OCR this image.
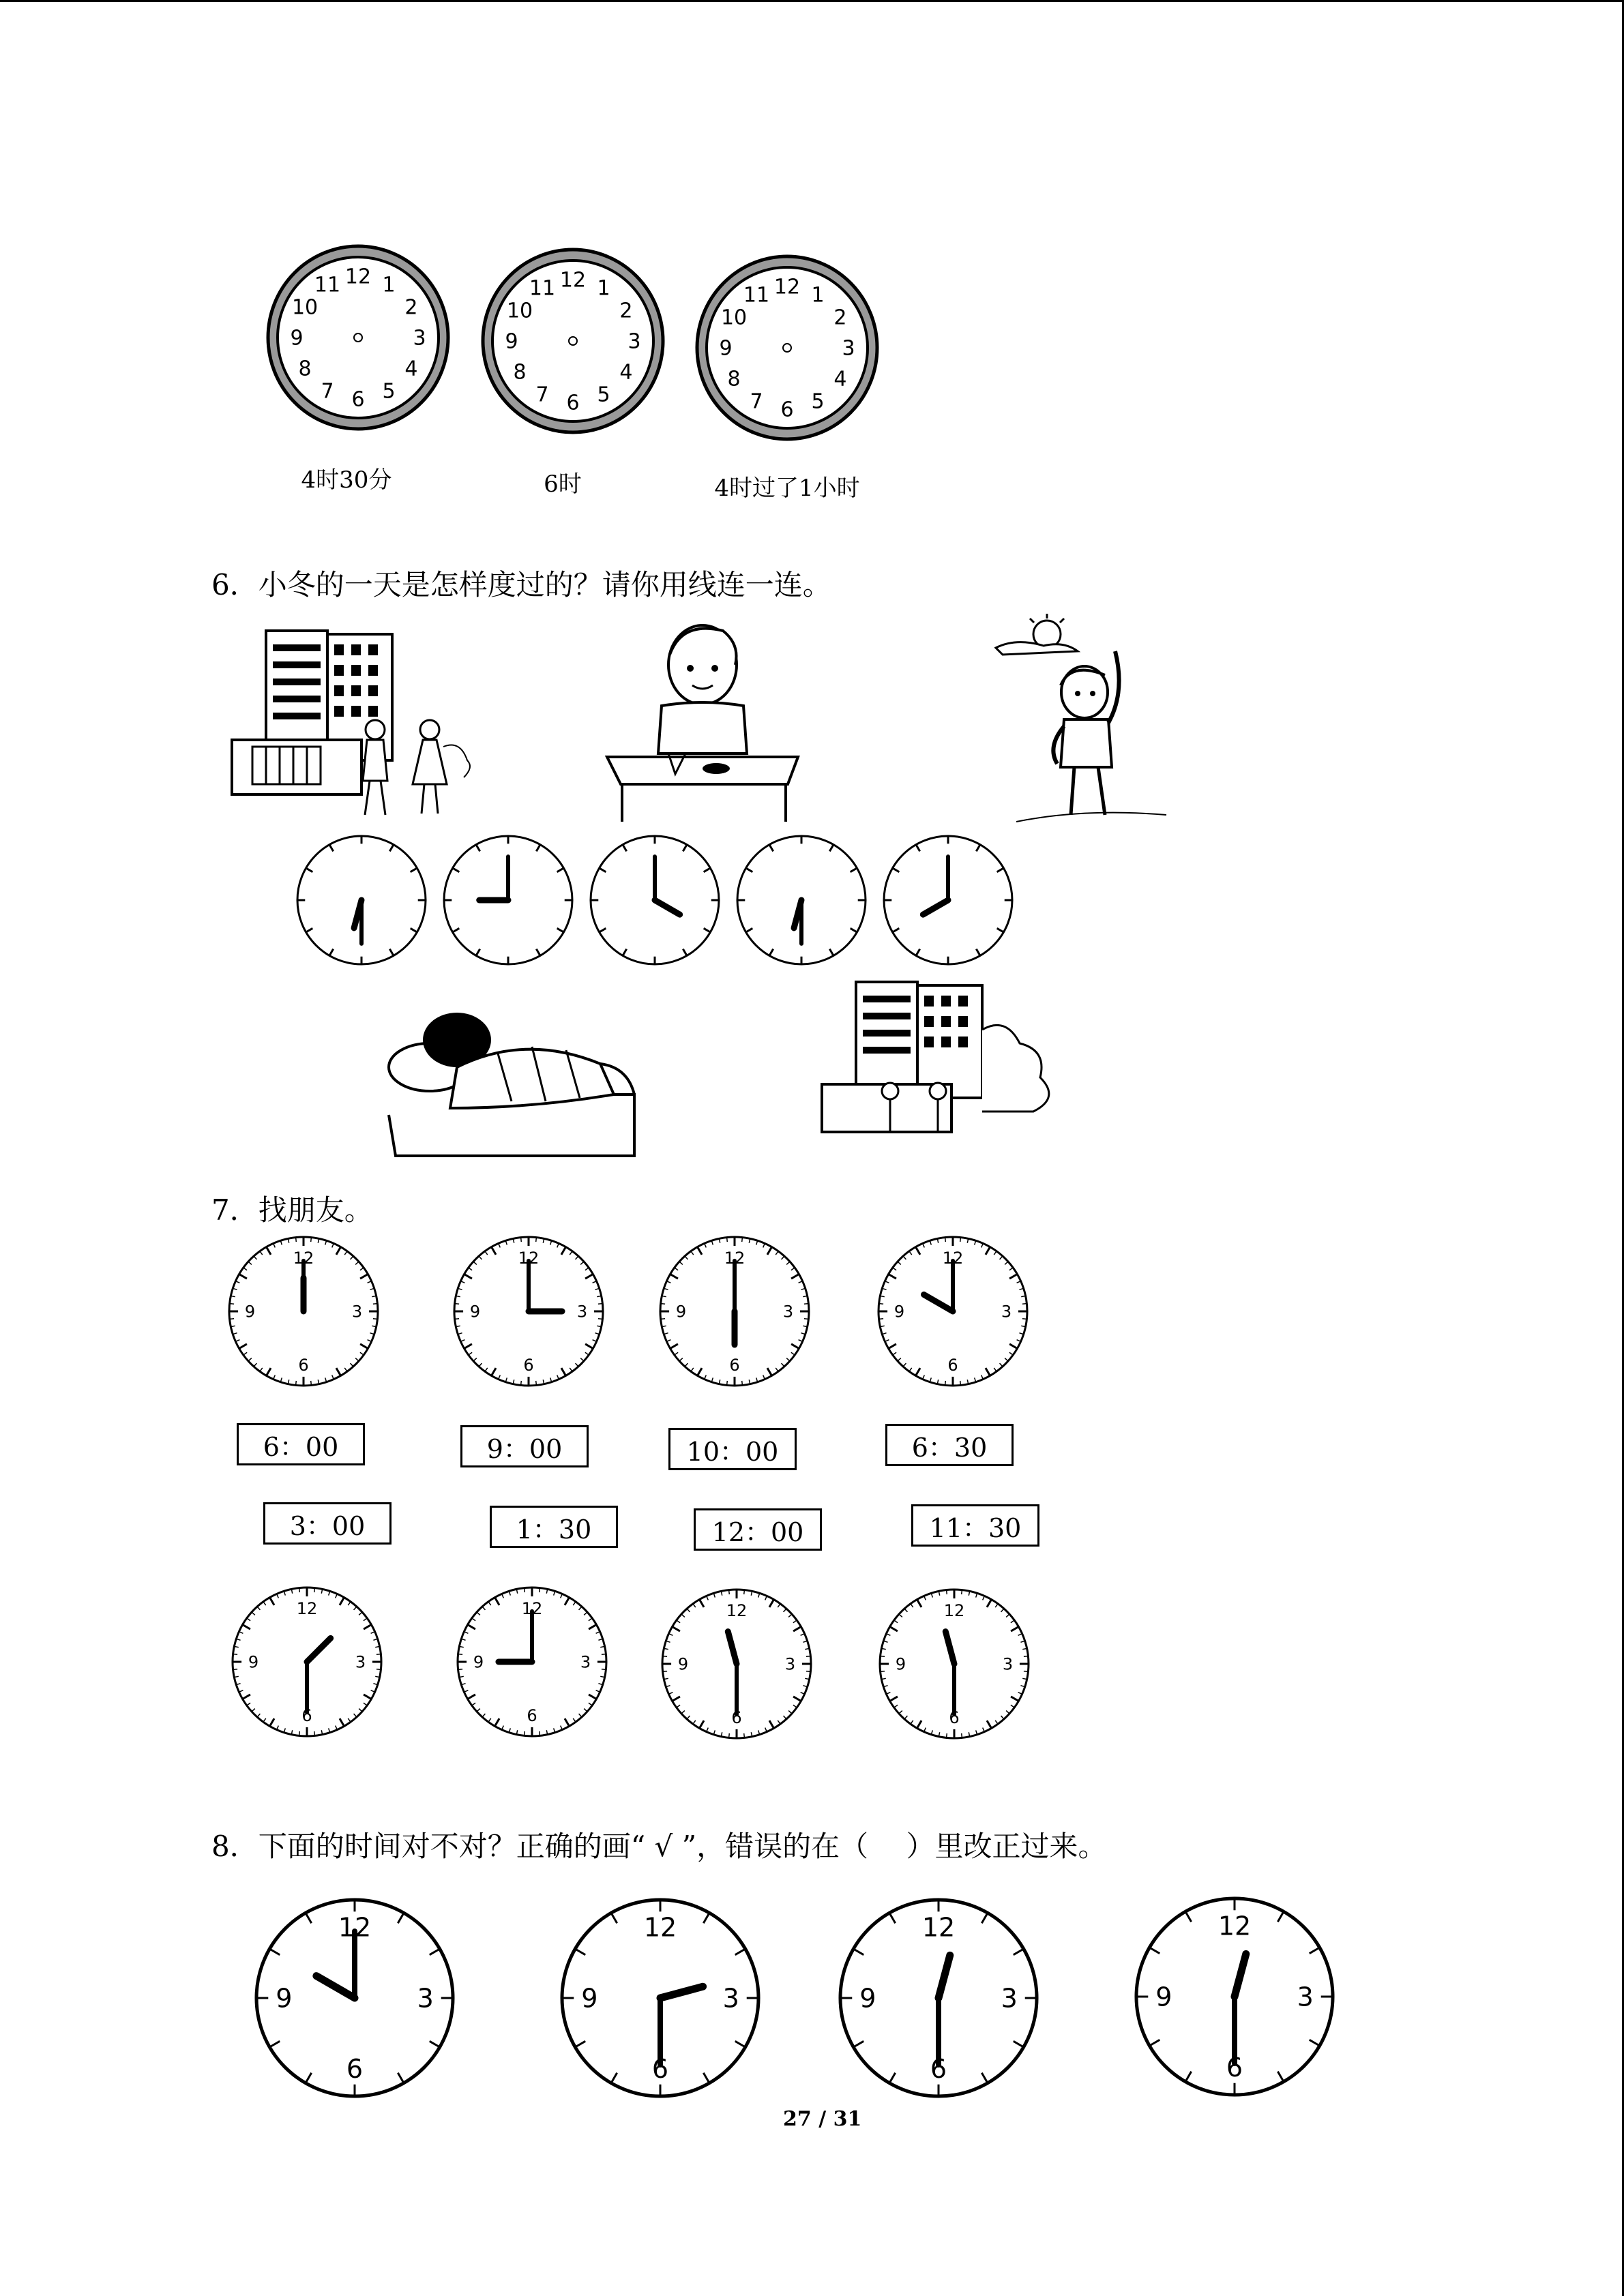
12 1
2
3
4
5
6
7
8
9
10
11	12 1
2
3
4
5
6
7
8
9
10
11	12 1
2
3
4
5
6
7
8
9
10
11
4时30分	6时	4时过了1小时
6．小冬的一天是怎样度过的？请你用线连一连。
7．找朋友。
12
3
6
9
12
3
6
9
12
3
6
9
12
3
6
9
6：00	9：00	10：00	6：30
3：00	1：30	12：00	11：30
12
3
6
9
12
3
6
9
12
3
6
9
12
3
6
9
8．下面的时间对不对？正确的画“ √ ”，错误的在（　 ）里改正过来。
12
3
6
9
12
3
6
9
12
3
6
9
12
3
6
9
27 / 31
